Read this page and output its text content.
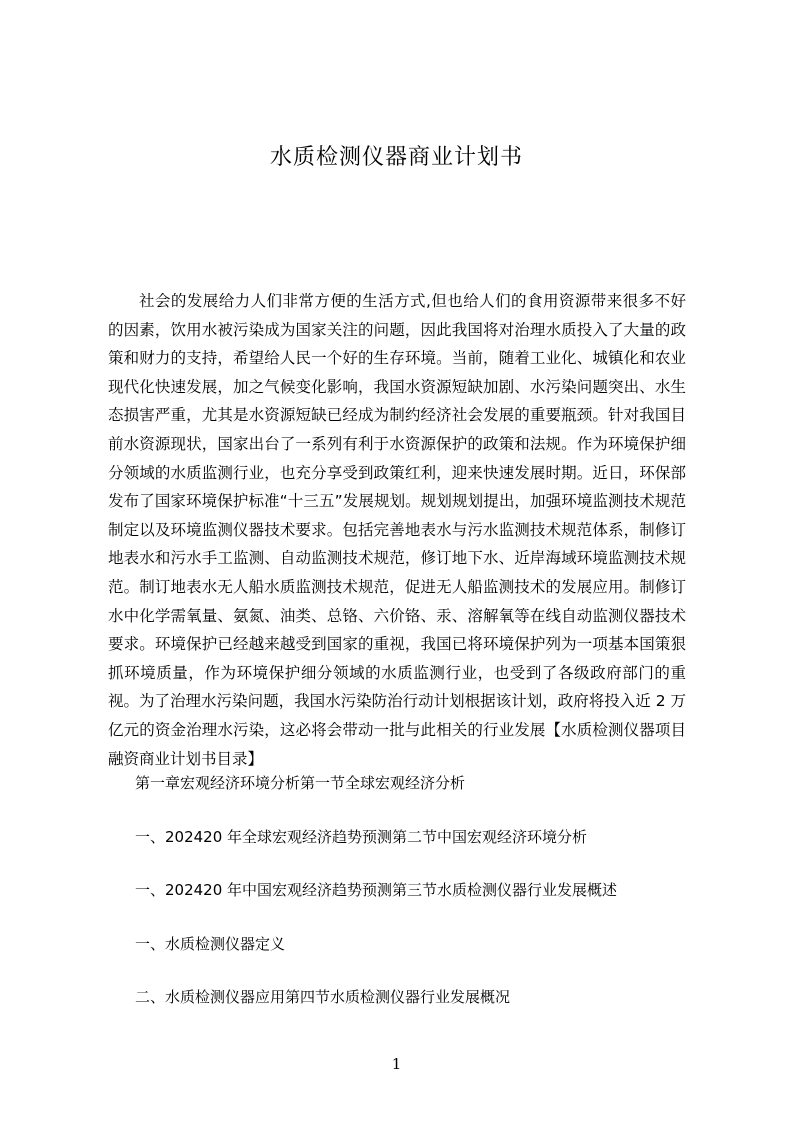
水质检测仪器商业计划书

社会的发展给力人们非常方便的生活方式,但也给人们的食用资源带来很多不好的因素，饮用水被污染成为国家关注的问题，因此我国将对治理水质投入了大量的政策和财力的支持，希望给人民一个好的生存环境。当前，随着工业化、城镇化和农业现代化快速发展，加之气候变化影响，我国水资源短缺加剧、水污染问题突出、水生态损害严重，尤其是水资源短缺已经成为制约经济社会发展的重要瓶颈。针对我国目前水资源现状，国家出台了一系列有利于水资源保护的政策和法规。作为环境保护细分领域的水质监测行业，也充分享受到政策红利，迎来快速发展时期。近日，环保部发布了国家环境保护标准“十三五”发展规划。规划规划提出，加强环境监测技术规范制定以及环境监测仪器技术要求。包括完善地表水与污水监测技术规范体系，制修订地表水和污水手工监测、自动监测技术规范，修订地下水、近岸海域环境监测技术规范。制订地表水无人船水质监测技术规范，促进无人船监测技术的发展应用。制修订水中化学需氧量、氨氮、油类、总铬、六价铬、汞、溶解氧等在线自动监测仪器技术要求。环境保护已经越来越受到国家的重视，我国已将环境保护列为一项基本国策狠抓环境质量，作为环境保护细分领域的水质监测行业，也受到了各级政府部门的重视。为了治理水污染问题，我国水污染防治行动计划根据该计划，政府将投入近 2 万亿元的资金治理水污染，这必将会带动一批与此相关的行业发展【水质检测仪器项目融资商业计划书目录】

第一章宏观经济环境分析第一节全球宏观经济分析

一、202420 年全球宏观经济趋势预测第二节中国宏观经济环境分析

一、202420 年中国宏观经济趋势预测第三节水质检测仪器行业发展概述

一、水质检测仪器定义

二、水质检测仪器应用第四节水质检测仪器行业发展概况

1
